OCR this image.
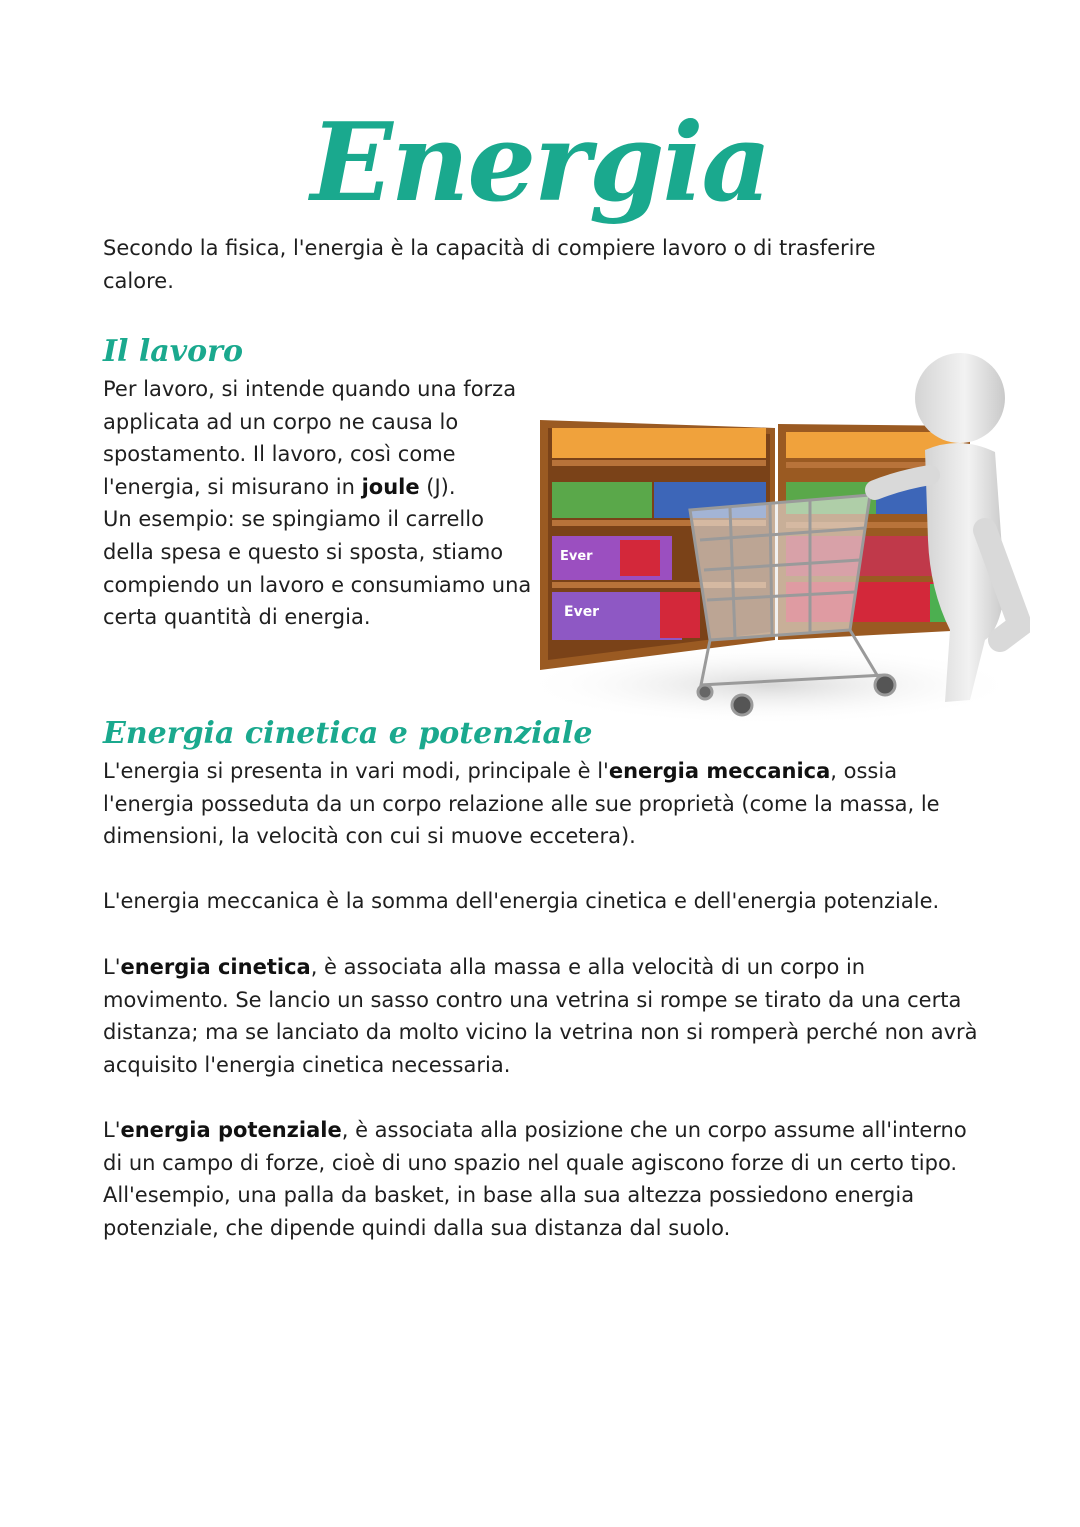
Energia

Secondo la fisica, l'energia è la capacità di compiere lavoro o di trasferire calore.

Il lavoro

Per lavoro, si intende quando una forza applicata ad un corpo ne causa lo spostamento. Il lavoro, così come l'energia, si misurano in joule (J).
Un esempio: se spingiamo il carrello della spesa e questo si sposta, stiamo compiendo un lavoro e consumiamo una certa quantità di energia.

Ever
Ever
Energia cinetica e potenziale

L'energia si presenta in vari modi, principale è l'energia meccanica, ossia l'energia posseduta da un corpo relazione alle sue proprietà (come la massa, le dimensioni, la velocità con cui si muove eccetera).

L'energia meccanica è la somma dell'energia cinetica e dell'energia potenziale.

L'energia cinetica, è associata alla massa e alla velocità di un corpo in movimento. Se lancio un sasso contro una vetrina si rompe se tirato da una certa distanza; ma se lanciato da molto vicino la vetrina non si romperà perché non avrà acquisito l'energia cinetica necessaria.

L'energia potenziale, è associata alla posizione che un corpo assume all'interno di un campo di forze, cioè di uno spazio nel quale agiscono forze di un certo tipo. All'esempio, una palla da basket, in base alla sua altezza possiedono energia potenziale, che dipende quindi dalla sua distanza dal suolo.
